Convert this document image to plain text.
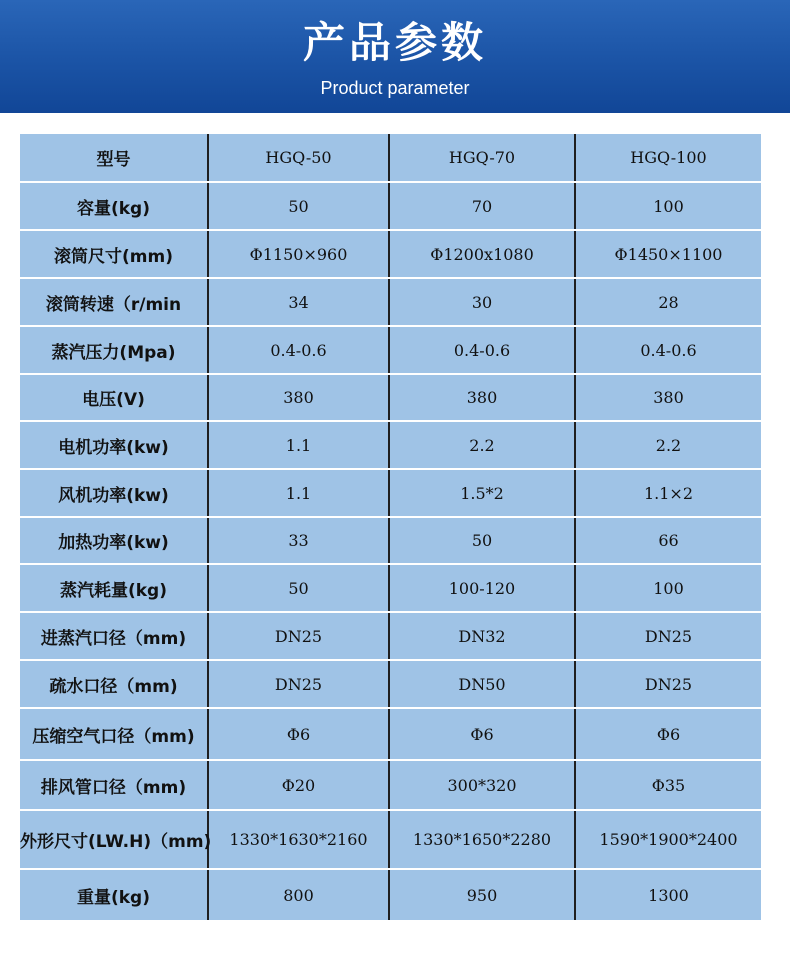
产品参数
Product parameter
型号	HGQ-50	HGQ-70	HGQ-100
容量(kg)	50	70	100
滚筒尺寸(mm)	Φ1150×960	Φ1200x1080	Φ1450×1100
滚筒转速（r/min	34	30	28
蒸汽压力(Mpa)	0.4-0.6	0.4-0.6	0.4-0.6
电压(V)	380	380	380
电机功率(kw)	1.1	2.2	2.2
风机功率(kw)	1.1	1.5*2	1.1×2
加热功率(kw)	33	50	66
蒸汽耗量(kg)	50	100-120	100
进蒸汽口径（mm)	DN25	DN32	DN25
疏水口径（mm)	DN25	DN50	DN25
压缩空气口径（mm)	Φ6	Φ6	Φ6
排风管口径（mm)	Φ20	300*320	Φ35
外形尺寸(LW.H)（mm)	1330*1630*2160	1330*1650*2280	1590*1900*2400
重量(kg)	800	950	1300
